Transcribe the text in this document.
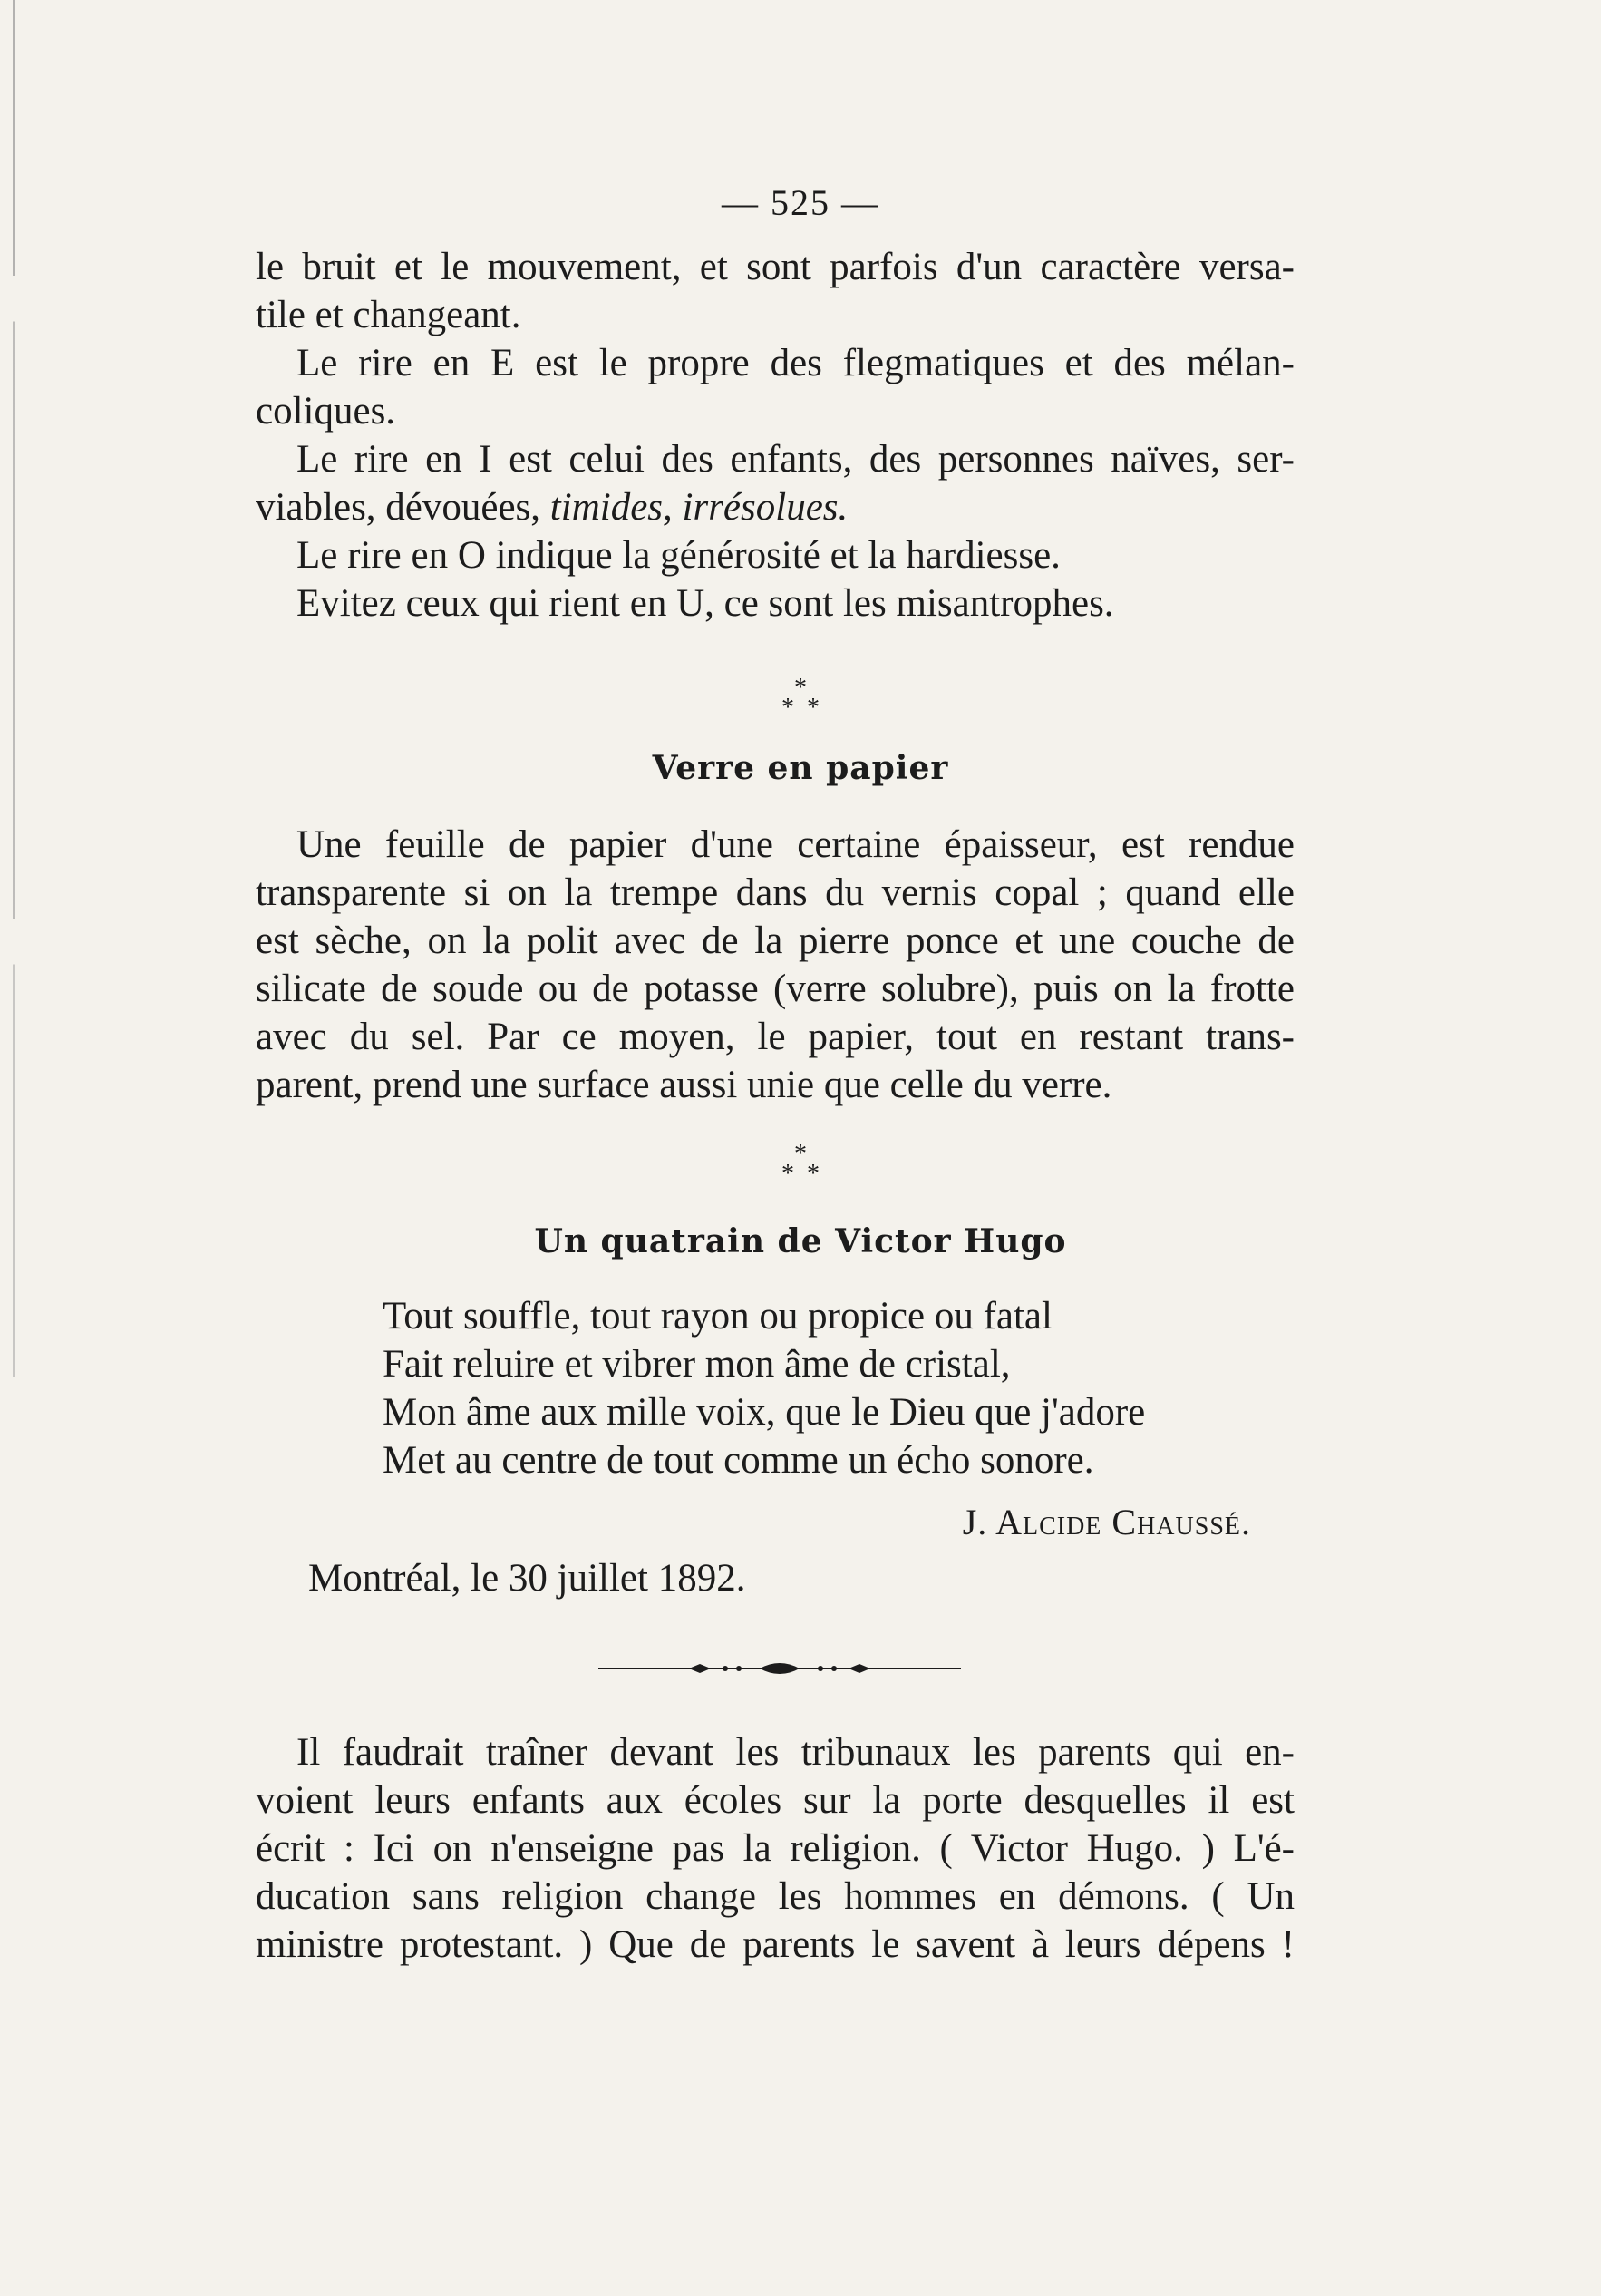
— 525 —
le bruit et le mouvement, et sont parfois d'un caractère versa-
tile et changeant.
Le rire en E est le propre des flegmatiques et des mélan-
coliques.
Le rire en I est celui des enfants, des personnes naïves, ser-
viables, dévouées, timides, irrésolues.
Le rire en O indique la générosité et la hardiesse.
Evitez ceux qui rient en U, ce sont les misantrophes.
*
*  *
Verre en papier
Une feuille de papier d'une certaine épaisseur, est rendue
transparente si on la trempe dans du vernis copal ; quand elle
est sèche, on la polit avec de la pierre ponce et une couche de
silicate de soude ou de potasse (verre solubre), puis on la frotte
avec du sel. Par ce moyen, le papier, tout en restant trans-
parent, prend une surface aussi unie que celle du verre.
*
*  *
Un quatrain de Victor Hugo
Tout souffle, tout rayon ou propice ou fatal
Fait reluire et vibrer mon âme de cristal,
Mon âme aux mille voix, que le Dieu que j'adore
Met au centre de tout comme un écho sonore.
J. Alcide Chaussé.
Montréal, le 30 juillet 1892.
Il faudrait traîner devant les tribunaux les parents qui en-
voient leurs enfants aux écoles sur la porte desquelles il est
écrit : Ici on n'enseigne pas la religion. ( Victor Hugo. ) L'é-
ducation sans religion change les hommes en démons. ( Un
ministre protestant. ) Que de parents le savent à leurs dépens !
